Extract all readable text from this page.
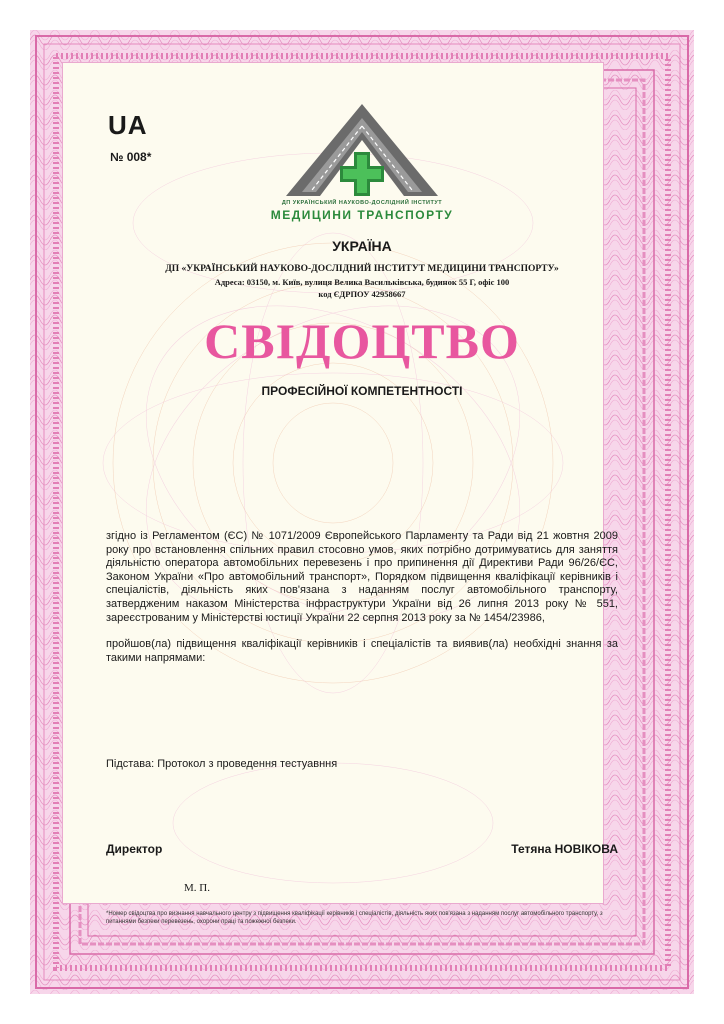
UA
№ 008*
ДП УКРАЇНСЬКИЙ НАУКОВО-ДОСЛІДНИЙ ІНСТИТУТ
МЕДИЦИНИ ТРАНСПОРТУ
УКРАЇНА
ДП «УКРАЇНСЬКИЙ НАУКОВО-ДОСЛІДНИЙ ІНСТИТУТ МЕДИЦИНИ ТРАНСПОРТУ»
Адреса: 03150, м. Київ, вулиця Велика Васильківська, будинок 55 Г, офіс 100
код ЄДРПОУ 42958667
СВІДОЦТВО
ПРОФЕСІЙНОЇ КОМПЕТЕНТНОСТІ

згідно із Регламентом (ЄС) № 1071/2009 Європейського Парламенту та Ради від 21 жовтня 2009 року про встановлення спільних правил стосовно умов, яких потрібно дотримуватись для заняття діяльністю оператора автомобільних перевезень і про припинення дії Директиви Ради 96/26/ЄС, Законом України «Про автомобільний транспорт», Порядком підвищення кваліфікації керівників і спеціалістів, діяльність яких пов'язана з наданням послуг автомобільного транспорту, затвердженим наказом Міністерства інфраструктури України від 26 липня 2013 року № 551, зареєстрованим у Міністерстві юстиції України 22 серпня 2013 року за № 1454/23986,

пройшов(ла) підвищення кваліфікації керівників і спеціалістів та виявив(ла) необхідні знання за такими напрямами:

Підстава: Протокол з проведення тестуавння
Директор	Тетяна НОВІКОВА
М. П.
*Номер свідоцтва про визнання навчального центру з підвищення кваліфікації керівників і спеціалістів, діяльність яких пов'язана з наданням послуг автомобільного транспорту, з питаннями безпеки перевезень, охорони праці та пожежної безпеки.
